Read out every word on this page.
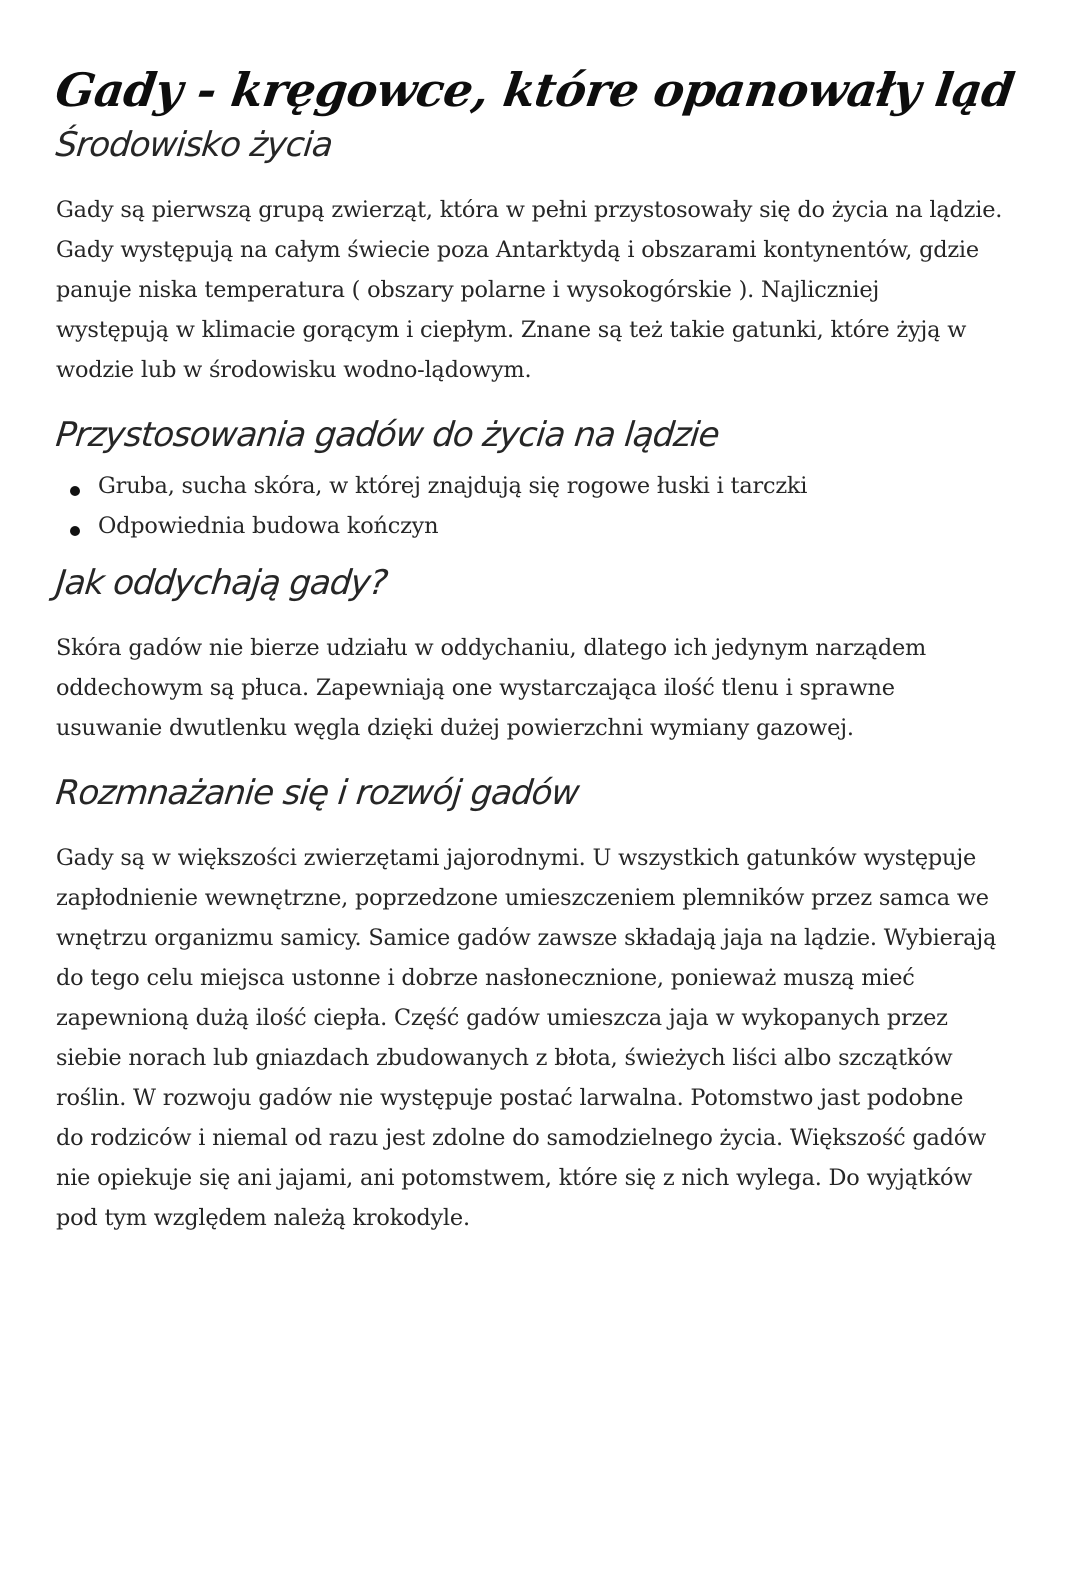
Gady - kręgowce, które opanowały ląd
Środowisko życia
Gady są pierwszą grupą zwierząt, która w pełni przystosowały się do życia na lądzie.
Gady występują na całym świecie poza Antarktydą i obszarami kontynentów, gdzie
panuje niska temperatura ( obszary polarne i wysokogórskie ). Najliczniej
występują w klimacie gorącym i ciepłym. Znane są też takie gatunki, które żyją w
wodzie lub w środowisku wodno-lądowym.
Przystosowania gadów do życia na lądzie
Gruba, sucha skóra, w której znajdują się rogowe łuski i tarczki
Odpowiednia budowa kończyn
Jak oddychają gady?
Skóra gadów nie bierze udziału w oddychaniu, dlatego ich jedynym narządem
oddechowym są płuca. Zapewniają one wystarczająca ilość tlenu i sprawne
usuwanie dwutlenku węgla dzięki dużej powierzchni wymiany gazowej.
Rozmnażanie się i rozwój gadów
Gady są w większości zwierzętami jajorodnymi. U wszystkich gatunków występuje
zapłodnienie wewnętrzne, poprzedzone umieszczeniem plemników przez samca we
wnętrzu organizmu samicy. Samice gadów zawsze składają jaja na lądzie. Wybierają
do tego celu miejsca ustonne i dobrze nasłonecznione, ponieważ muszą mieć
zapewnioną dużą ilość ciepła. Część gadów umieszcza jaja w wykopanych przez
siebie norach lub gniazdach zbudowanych z błota, świeżych liści albo szczątków
roślin. W rozwoju gadów nie występuje postać larwalna. Potomstwo jast podobne
do rodziców i niemal od razu jest zdolne do samodzielnego życia. Większość gadów
nie opiekuje się ani jajami, ani potomstwem, które się z nich wylega. Do wyjątków
pod tym względem należą krokodyle.
